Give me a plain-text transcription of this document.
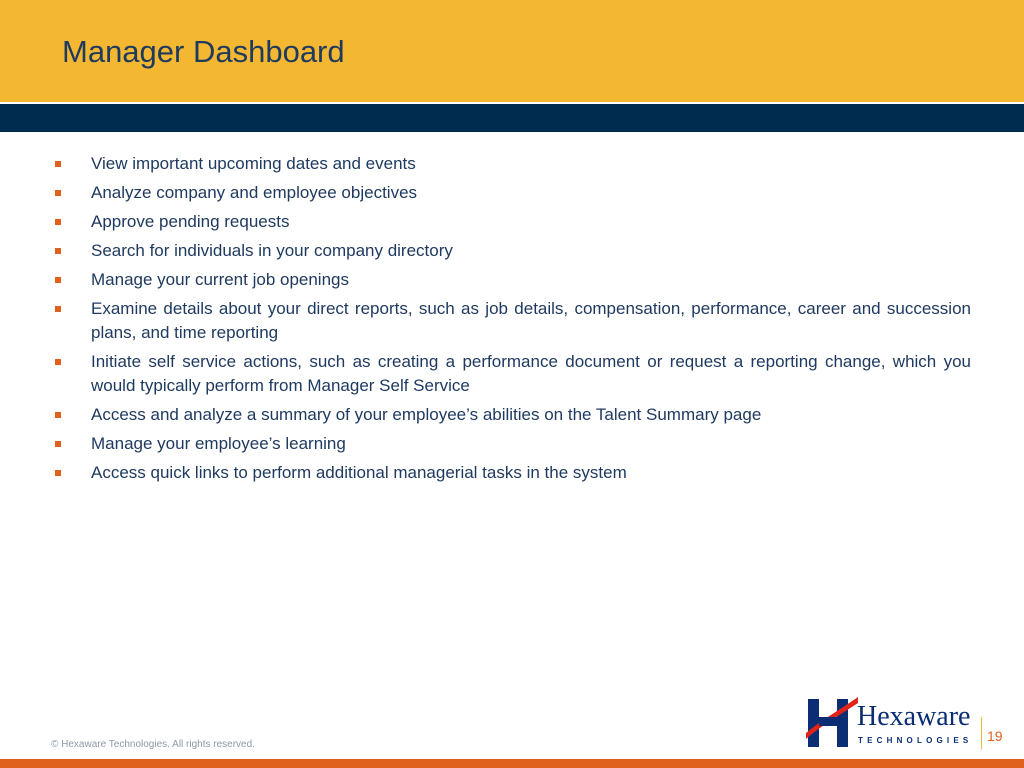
Manager Dashboard
View important upcoming dates and events
Analyze company and employee objectives
Approve pending requests
Search for individuals in your company directory
Manage your current job openings
Examine details about your direct reports, such as job details, compensation, performance, career and succession plans, and time reporting
Initiate self service actions, such as creating a performance document or request a reporting change, which you would typically perform from Manager Self Service
Access and analyze a summary of your employee’s abilities on the Talent Summary page
Manage your employee’s learning
Access quick links to perform additional managerial tasks in the system
© Hexaware Technologies. All rights reserved.
Hexaware
TECHNOLOGIES 19
